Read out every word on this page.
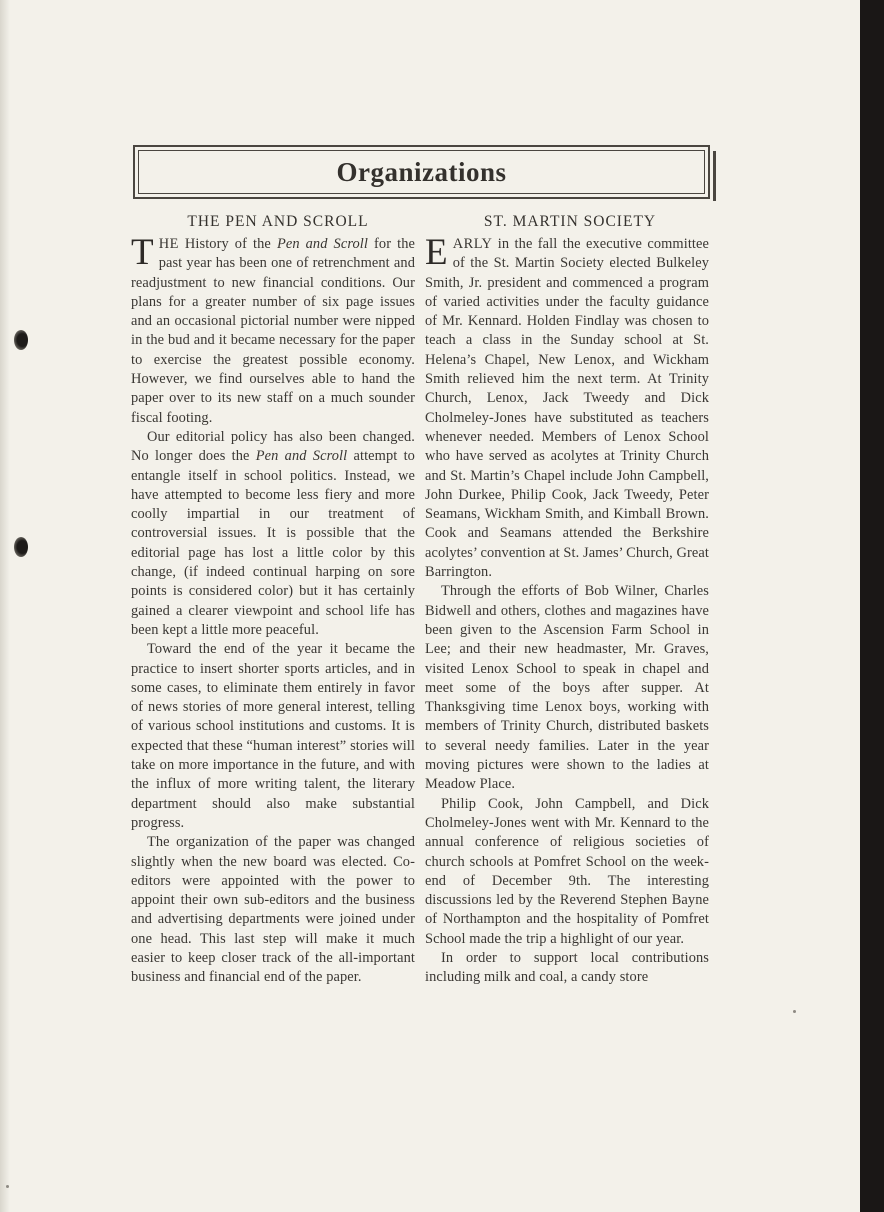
Organizations
THE PEN AND SCROLL

THE History of the Pen and Scroll for the past year has been one of retrenchment and readjustment to new financial conditions. Our plans for a greater number of six page issues and an occasional pictorial number were nipped in the bud and it became necessary for the paper to exercise the greatest possible economy. However, we find ourselves able to hand the paper over to its new staff on a much sounder fiscal footing.

Our editorial policy has also been changed. No longer does the Pen and Scroll attempt to entangle itself in school politics. Instead, we have attempted to become less fiery and more coolly impartial in our treatment of controversial issues. It is possible that the editorial page has lost a little color by this change, (if indeed continual harping on sore points is considered color) but it has certainly gained a clearer viewpoint and school life has been kept a little more peaceful.

Toward the end of the year it became the practice to insert shorter sports articles, and in some cases, to eliminate them entirely in favor of news stories of more general interest, telling of various school institutions and customs. It is expected that these “human interest” stories will take on more importance in the future, and with the influx of more writing talent, the literary department should also make substantial progress.

The organization of the paper was changed slightly when the new board was elected. Co-editors were appointed with the power to appoint their own sub-editors and the business and advertising departments were joined under one head. This last step will make it much easier to keep closer track of the all-important business and financial end of the paper.

ST. MARTIN SOCIETY

EARLY in the fall the executive committee of the St. Martin Society elected Bulkeley Smith, Jr. president and commenced a program of varied activities under the faculty guidance of Mr. Kennard. Holden Findlay was chosen to teach a class in the Sunday school at St. Helena’s Chapel, New Lenox, and Wickham Smith relieved him the next term. At Trinity Church, Lenox, Jack Tweedy and Dick Cholmeley-Jones have substituted as teachers whenever needed. Members of Lenox School who have served as acolytes at Trinity Church and St. Martin’s Chapel include John Campbell, John Durkee, Philip Cook, Jack Tweedy, Peter Seamans, Wickham Smith, and Kimball Brown. Cook and Seamans attended the Berkshire acolytes’ convention at St. James’ Church, Great Barrington.

Through the efforts of Bob Wilner, Charles Bidwell and others, clothes and magazines have been given to the Ascension Farm School in Lee; and their new headmaster, Mr. Graves, visited Lenox School to speak in chapel and meet some of the boys after supper. At Thanksgiving time Lenox boys, working with members of Trinity Church, distributed baskets to several needy families. Later in the year moving pictures were shown to the ladies at Meadow Place.

Philip Cook, John Campbell, and Dick Cholmeley-Jones went with Mr. Kennard to the annual conference of religious societies of church schools at Pomfret School on the week-end of December 9th. The interesting discussions led by the Reverend Stephen Bayne of Northampton and the hospitality of Pomfret School made the trip a highlight of our year.

In order to support local contributions including milk and coal, a candy store
